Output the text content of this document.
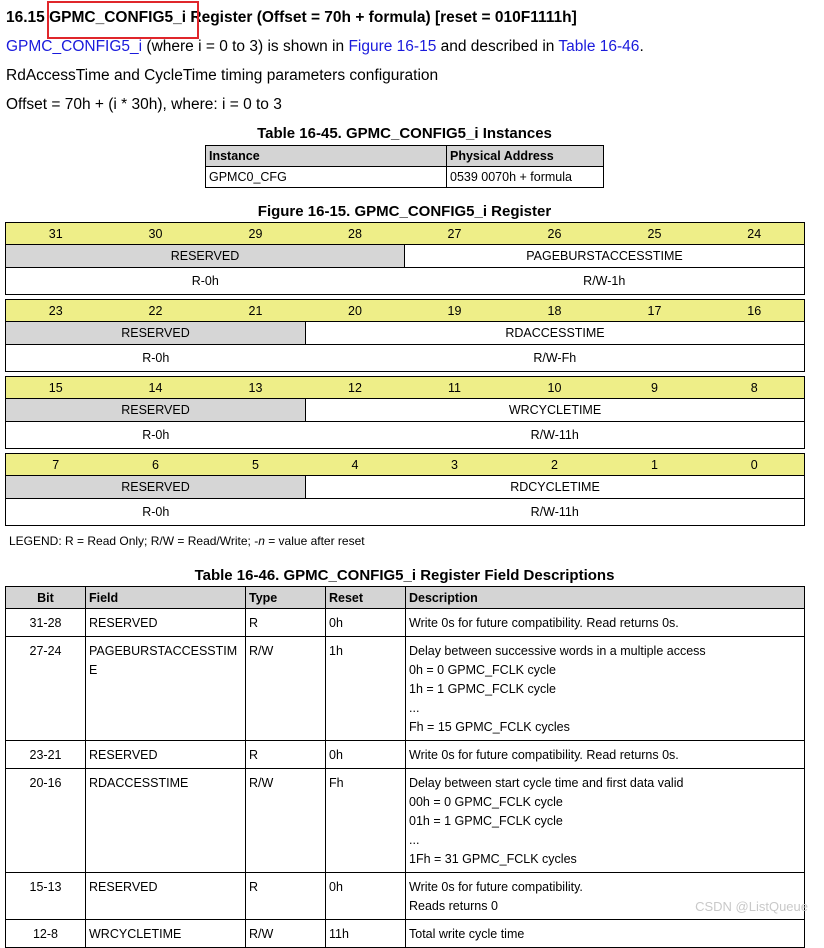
16.15 GPMC_CONFIG5_i Register (Offset = 70h + formula) [reset = 010F1111h]
GPMC_CONFIG5_i (where i = 0 to 3) is shown in Figure 16-15 and described in Table 16-46.
RdAccessTime and CycleTime timing parameters configuration
Offset = 70h + (i * 30h), where: i = 0 to 3
Table 16-45. GPMC_CONFIG5_i Instances
Instance	Physical Address
GPMC0_CFG	0539 0070h + formula
Figure 16-15. GPMC_CONFIG5_i Register
31	30	29	28	27	26	25	24
RESERVED				PAGEBURSTACCESSTIME			
R-0h				R/W-1h			

23	22	21	20	19	18	17	16
RESERVED			RDACCESSTIME				
R-0h			R/W-Fh				

15	14	13	12	11	10	9	8
RESERVED			WRCYCLETIME				
R-0h			R/W-11h				

7	6	5	4	3	2	1	0
RESERVED			RDCYCLETIME				
R-0h			R/W-11h				
LEGEND: R = Read Only; R/W = Read/Write; -n = value after reset
Table 16-46. GPMC_CONFIG5_i Register Field Descriptions
Bit	Field	Type	Reset	Description
31-28	RESERVED	R	0h	Write 0s for future compatibility. Read returns 0s.

27-24	PAGEBURSTACCESSTIME	R/W	1h	Delay between successive words in a multiple access
0h = 0 GPMC_FCLK cycle
1h = 1 GPMC_FCLK cycle
...
Fh = 15 GPMC_FCLK cycles

23-21	RESERVED	R	0h	Write 0s for future compatibility. Read returns 0s.

20-16	RDACCESSTIME	R/W	Fh	Delay between start cycle time and first data valid
00h = 0 GPMC_FCLK cycle
01h = 1 GPMC_FCLK cycle
...
1Fh = 31 GPMC_FCLK cycles

15-13	RESERVED	R	0h	Write 0s for future compatibility.
Reads returns 0

12-8	WRCYCLETIME	R/W	11h	Total write cycle time
CSDN @ListQueue
